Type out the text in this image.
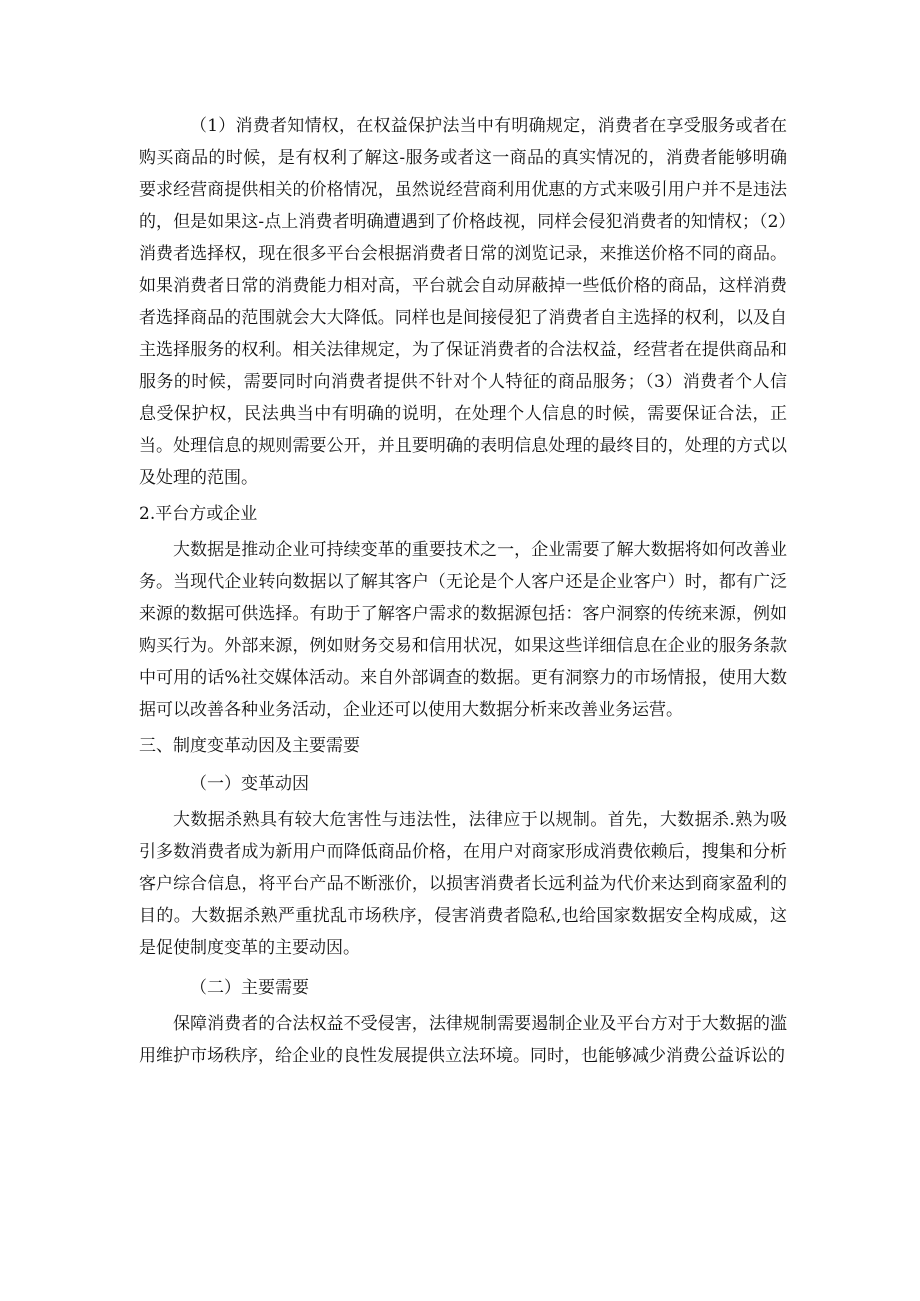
（1）消费者知情权，在权益保护法当中有明确规定，消费者在享受服务或者在购买商品的时候，是有权利了解这-服务或者这一商品的真实情况的，消费者能够明确要求经营商提供相关的价格情况，虽然说经营商利用优惠的方式来吸引用户并不是违法的，但是如果这-点上消费者明确遭遇到了价格歧视，同样会侵犯消费者的知情权；（2）消费者选择权，现在很多平台会根据消费者日常的浏览记录，来推送价格不同的商品。如果消费者日常的消费能力相对高，平台就会自动屏蔽掉一些低价格的商品，这样消费者选择商品的范围就会大大降低。同样也是间接侵犯了消费者自主选择的权利，以及自主选择服务的权利。相关法律规定，为了保证消费者的合法权益，经营者在提供商品和服务的时候，需要同时向消费者提供不针对个人特征的商品服务；（3）消费者个人信息受保护权，民法典当中有明确的说明，在处理个人信息的时候，需要保证合法，正当。处理信息的规则需要公开，并且要明确的表明信息处理的最终目的，处理的方式以及处理的范围。

2.平台方或企业

大数据是推动企业可持续变革的重要技术之一，企业需要了解大数据将如何改善业务。当现代企业转向数据以了解其客户（无论是个人客户还是企业客户）时，都有广泛来源的数据可供选择。有助于了解客户需求的数据源包括：客户洞察的传统来源，例如购买行为。外部来源，例如财务交易和信用状况，如果这些详细信息在企业的服务条款中可用的话%社交媒体活动。来自外部调查的数据。更有洞察力的市场情报，使用大数据可以改善各种业务活动，企业还可以使用大数据分析来改善业务运营。

三、制度变革动因及主要需要

（一）变革动因

大数据杀熟具有较大危害性与违法性，法律应于以规制。首先，大数据杀.熟为吸引多数消费者成为新用户而降低商品价格，在用户对商家形成消费依赖后，搜集和分析客户综合信息，将平台产品不断涨价，以损害消费者长远利益为代价来达到商家盈利的目的。大数据杀熟严重扰乱市场秩序，侵害消费者隐私,也给国家数据安全构成威，这是促使制度变革的主要动因。

（二）主要需要

保障消费者的合法权益不受侵害，法律规制需要遏制企业及平台方对于大数据的滥用维护市场秩序，给企业的良性发展提供立法环境。同时，也能够减少消费公益诉讼的
